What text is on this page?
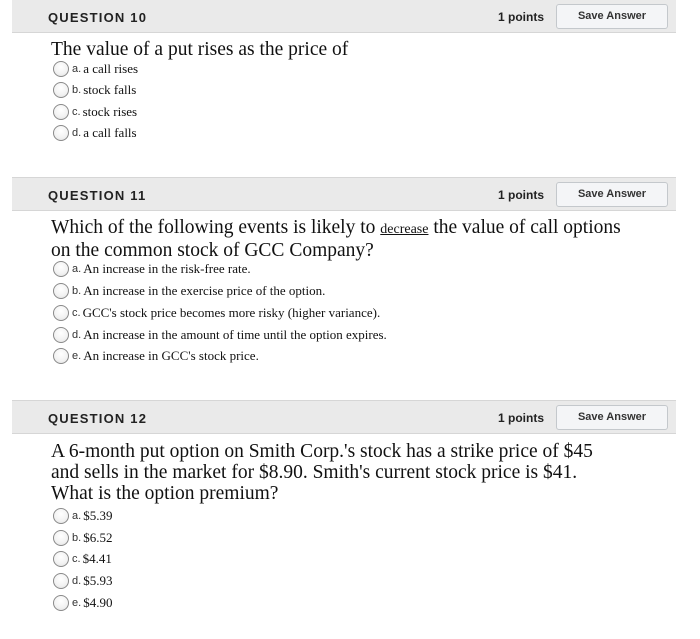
QUESTION 10	1 points	Save Answer
The value of a put rises as the price of
a. a call rises
b. stock falls
c. stock rises
d. a call falls
QUESTION 11	1 points	Save Answer
Which of the following events is likely to decrease the value of call options
on the common stock of GCC Company?
a. An increase in the risk-free rate.
b. An increase in the exercise price of the option.
c. GCC's stock price becomes more risky (higher variance).
d. An increase in the amount of time until the option expires.
e. An increase in GCC's stock price.
QUESTION 12	1 points	Save Answer
A 6-month put option on Smith Corp.'s stock has a strike price of $45
and sells in the market for $8.90. Smith's current stock price is $41.
What is the option premium?
a. $5.39
b. $6.52
c. $4.41
d. $5.93
e. $4.90
